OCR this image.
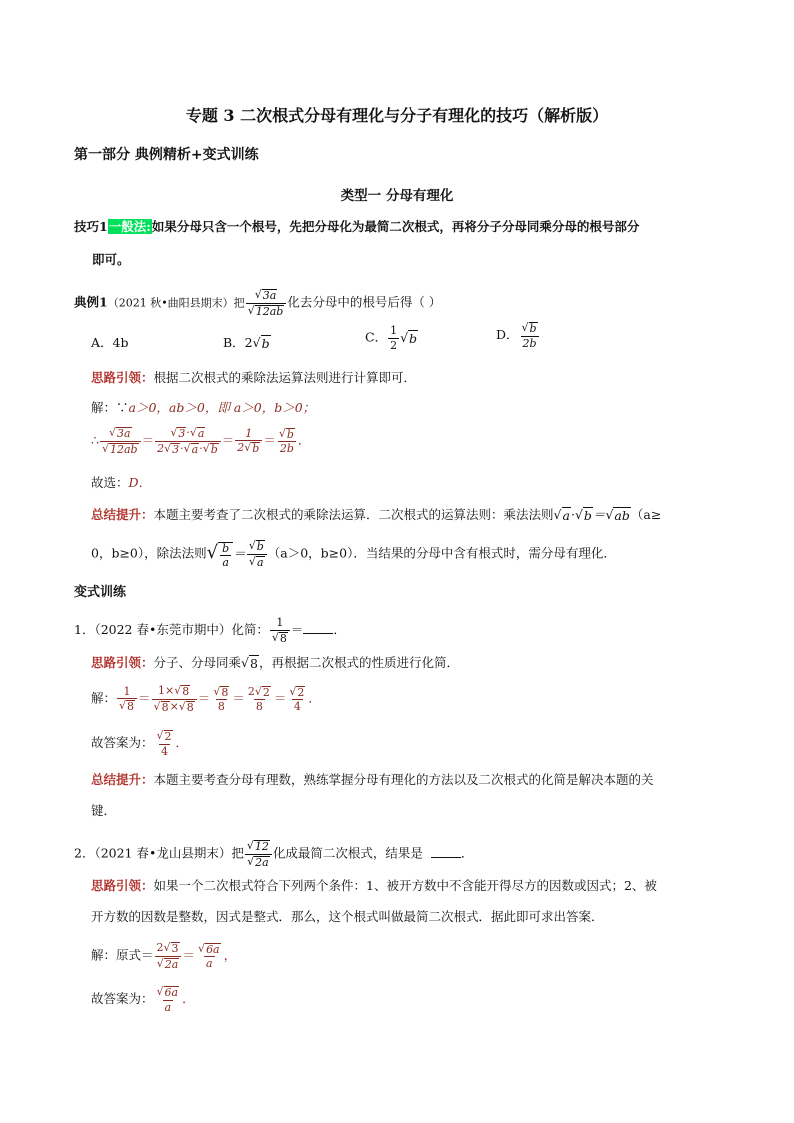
专题 3 二次根式分母有理化与分子有理化的技巧（解析版）
第一部分 典例精析+变式训练
类型一 分母有理化
技巧1一般法:如果分母只含一个根号，先把分母化为最简二次根式，再将分子分母同乘分母的根号部分
即可。
典例1（2021 秋•曲阳县期末）把 $\frac{√ 3a}{√ 12ab}$ 化去分母中的根号后得（ ）
A．4b	B．2 √ b	C． $\frac{1}{2}$ √ b	D． $\frac{√ b}{2b}$
思路引领：根据二次根式的乘除法运算法则进行计算即可．
解：∵a＞0，ab＞0，即 a＞0，b＞0；
∴ $\frac{√ 3a}{√ 12ab} = \frac{√ 3 \cdot √ a}{2 √ 3 \cdot √ a \cdot √ b} = \frac{1}{2 √ b} = \frac{√ b}{2b}$ ．
故选：D．
总结提升：本题主要考查了二次根式的乘除法运算．二次根式的运算法则：乘法法则 √ a · √ b ＝ √ ab （a≥
0，b≥0），除法法则 √ $\frac{b}{a} = \frac{√ b}{√ a} (a>0$，b≥0）．当结果的分母中含有根式时，需分母有理化．
变式训练
1．（2022 春•东莞市期中）化简： $\frac{1}{√ 8}$ ＝ ．
思路引领：分子、分母同乘 √ 8 ，再根据二次根式的性质进行化简．
解： $\frac{1}{√ 8} = \frac{1\times √ 8}{√ 8 \times √ 8} = \frac{√ 8}{8} = \frac{2 √ 2}{8} = \frac{√ 2}{4}$ ．
故答案为： $\frac{√ 2}{4}$ ．
总结提升：本题主要考查分母有理数，熟练掌握分母有理化的方法以及二次根式的化简是解决本题的关
键．
2．（2021 春•龙山县期末）把 $\frac{√ 12}{√ 2a}$ 化成最简二次根式，结果是	．
思路引领：如果一个二次根式符合下列两个条件：1、被开方数中不含能开得尽方的因数或因式；2、被
开方数的因数是整数，因式是整式．那么，这个根式叫做最简二次根式．据此即可求出答案．
解：原式＝ $\frac{2 √ 3}{√ 2a} = \frac{√ 6a}{a}$ ，
故答案为： $\frac{√ 6a}{a}$ ．
